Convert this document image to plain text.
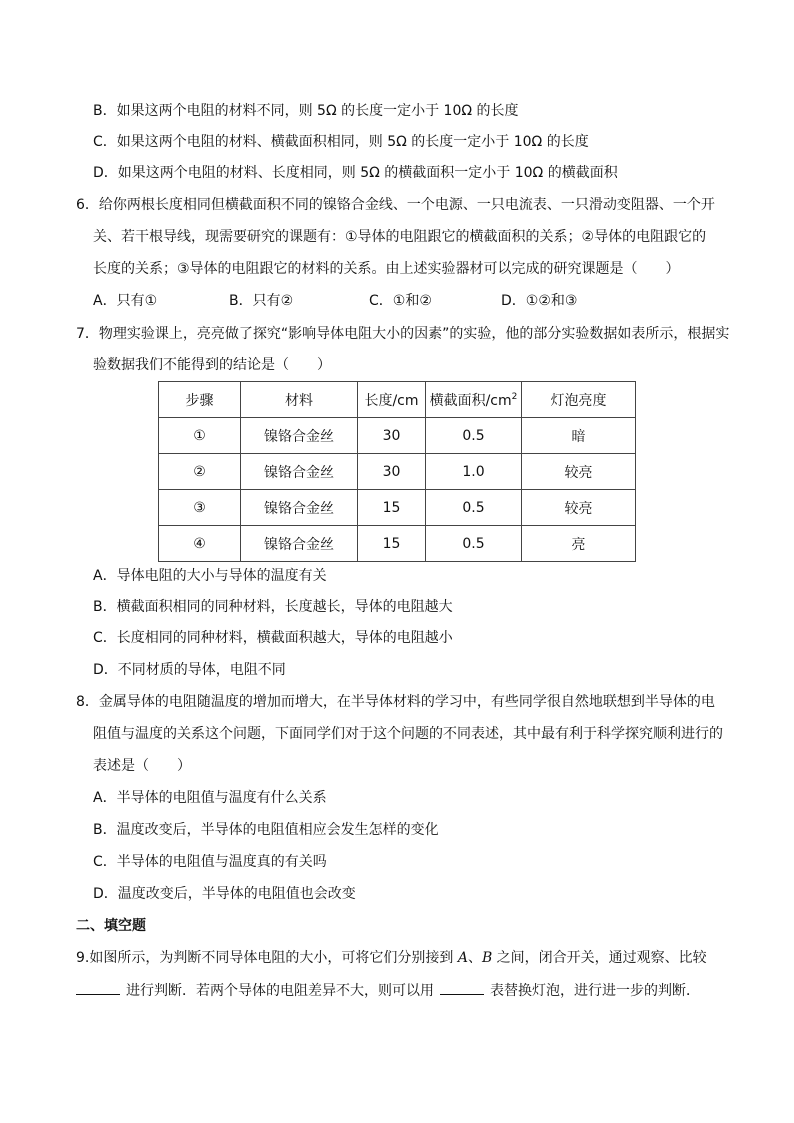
B．如果这两个电阻的材料不同，则 5Ω 的长度一定小于 10Ω 的长度
C．如果这两个电阻的材料、横截面积相同，则 5Ω 的长度一定小于 10Ω 的长度
D．如果这两个电阻的材料、长度相同，则 5Ω 的横截面积一定小于 10Ω 的横截面积
6．给你两根长度相同但横截面积不同的镍铬合金线、一个电源、一只电流表、一只滑动变阻器、一个开
关、若干根导线，现需要研究的课题有：①导体的电阻跟它的横截面积的关系；②导体的电阻跟它的
长度的关系；③导体的电阻跟它的材料的关系。由上述实验器材可以完成的研究课题是（　　）
A．只有①	B．只有②	C．①和②	D．①②和③
7．物理实验课上，亮亮做了探究“影响导体电阻大小的因素”的实验，他的部分实验数据如表所示，根据实
验数据我们不能得到的结论是（　　）
步骤	材料	长度/cm	横截面积$/cm^2$	灯泡亮度
①	镍铬合金丝	30	0.5	暗
②	镍铬合金丝	30	1.0	较亮
③	镍铬合金丝	15	0.5	较亮
④	镍铬合金丝	15	0.5	亮
A．导体电阻的大小与导体的温度有关
B．横截面积相同的同种材料，长度越长，导体的电阻越大
C．长度相同的同种材料，横截面积越大，导体的电阻越小
D．不同材质的导体，电阻不同
8．金属导体的电阻随温度的增加而增大，在半导体材料的学习中，有些同学很自然地联想到半导体的电
阻值与温度的关系这个问题，下面同学们对于这个问题的不同表述，其中最有利于科学探究顺利进行的
表述是（　　）
A．半导体的电阻值与温度有什么关系
B．温度改变后，半导体的电阻值相应会发生怎样的变化
C．半导体的电阻值与温度真的有关吗
D．温度改变后，半导体的电阻值也会改变
二、填空题
9.如图所示，为判断不同导体电阻的大小，可将它们分别接到 A、B 之间，闭合开关，通过观察、比较
进行判断．若两个导体的电阻差异不大，则可以用	表替换灯泡，进行进一步的判断．
